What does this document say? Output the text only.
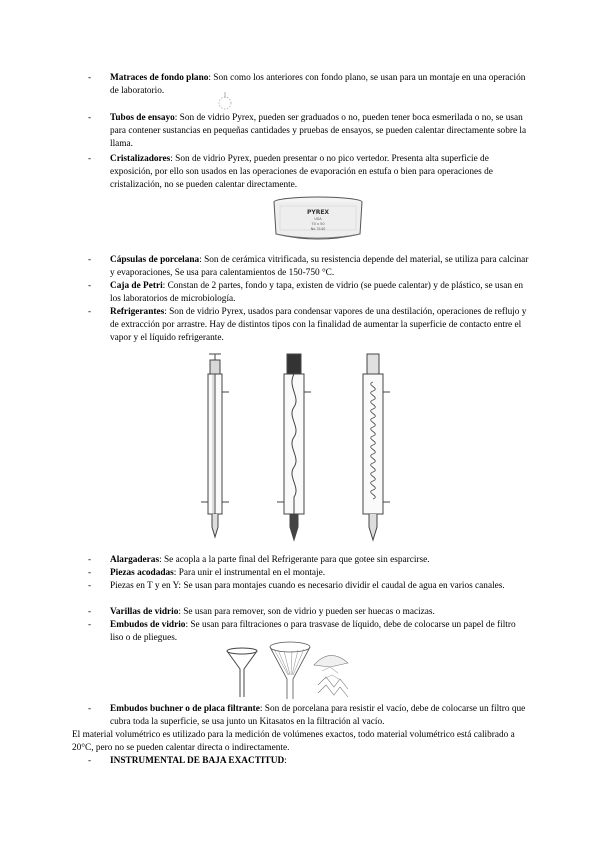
- Matraces de fondo plano: Son como los anteriores con fondo plano, se usan para un montaje en una operación de laboratorio.
- Tubos de ensayo: Son de vidrio Pyrex, pueden ser graduados o no, pueden tener boca esmerilada o no, se usan para contener sustancias en pequeñas cantidades y pruebas de ensayos, se pueden calentar directamente sobre la llama.
- Cristalizadores: Son de vidrio Pyrex, pueden presentar o no pico vertedor. Presenta alta superficie de exposición, por ello son usados en las operaciones de evaporación en estufa o bien para operaciones de cristalización, no se pueden calentar directamente.
PYREX
USA
70 x 50
No 3140
- Cápsulas de porcelana: Son de cerámica vitrificada, su resistencia depende del material, se utiliza para calcinar y evaporaciones, Se usa para calentamientos de 150-750 °C.
- Caja de Petri: Constan de 2 partes, fondo y tapa, existen de vidrio (se puede calentar) y de plástico, se usan en los laboratorios de microbiología.
- Refrigerantes: Son de vidrio Pyrex, usados para condensar vapores de una destilación, operaciones de reflujo y de extracción por arrastre. Hay de distintos tipos con la finalidad de aumentar la superficie de contacto entre el vapor y el líquido refrigerante.
- Alargaderas: Se acopla a la parte final del Refrigerante para que gotee sin esparcirse.
- Piezas acodadas: Para unir el instrumental en el montaje.
- Piezas en T y en Y: Se usan para montajes cuando es necesario dividir el caudal de agua en varios canales.
- Varillas de vidrio: Se usan para remover, son de vidrio y pueden ser huecas o macizas.
- Embudos de vidrio: Se usan para filtraciones o para trasvase de líquido, debe de colocarse un papel de filtro liso o de pliegues.
- Embudos buchner o de placa filtrante: Son de porcelana para resistir el vacío, debe de colocarse un filtro que cubra toda la superficie, se usa junto un Kitasatos en la filtración al vacío.
El material volumétrico es utilizado para la medición de volúmenes exactos, todo material volumétrico está calibrado a 20°C, pero no se pueden calentar directa o indirectamente.
- INSTRUMENTAL DE BAJA EXACTITUD:
